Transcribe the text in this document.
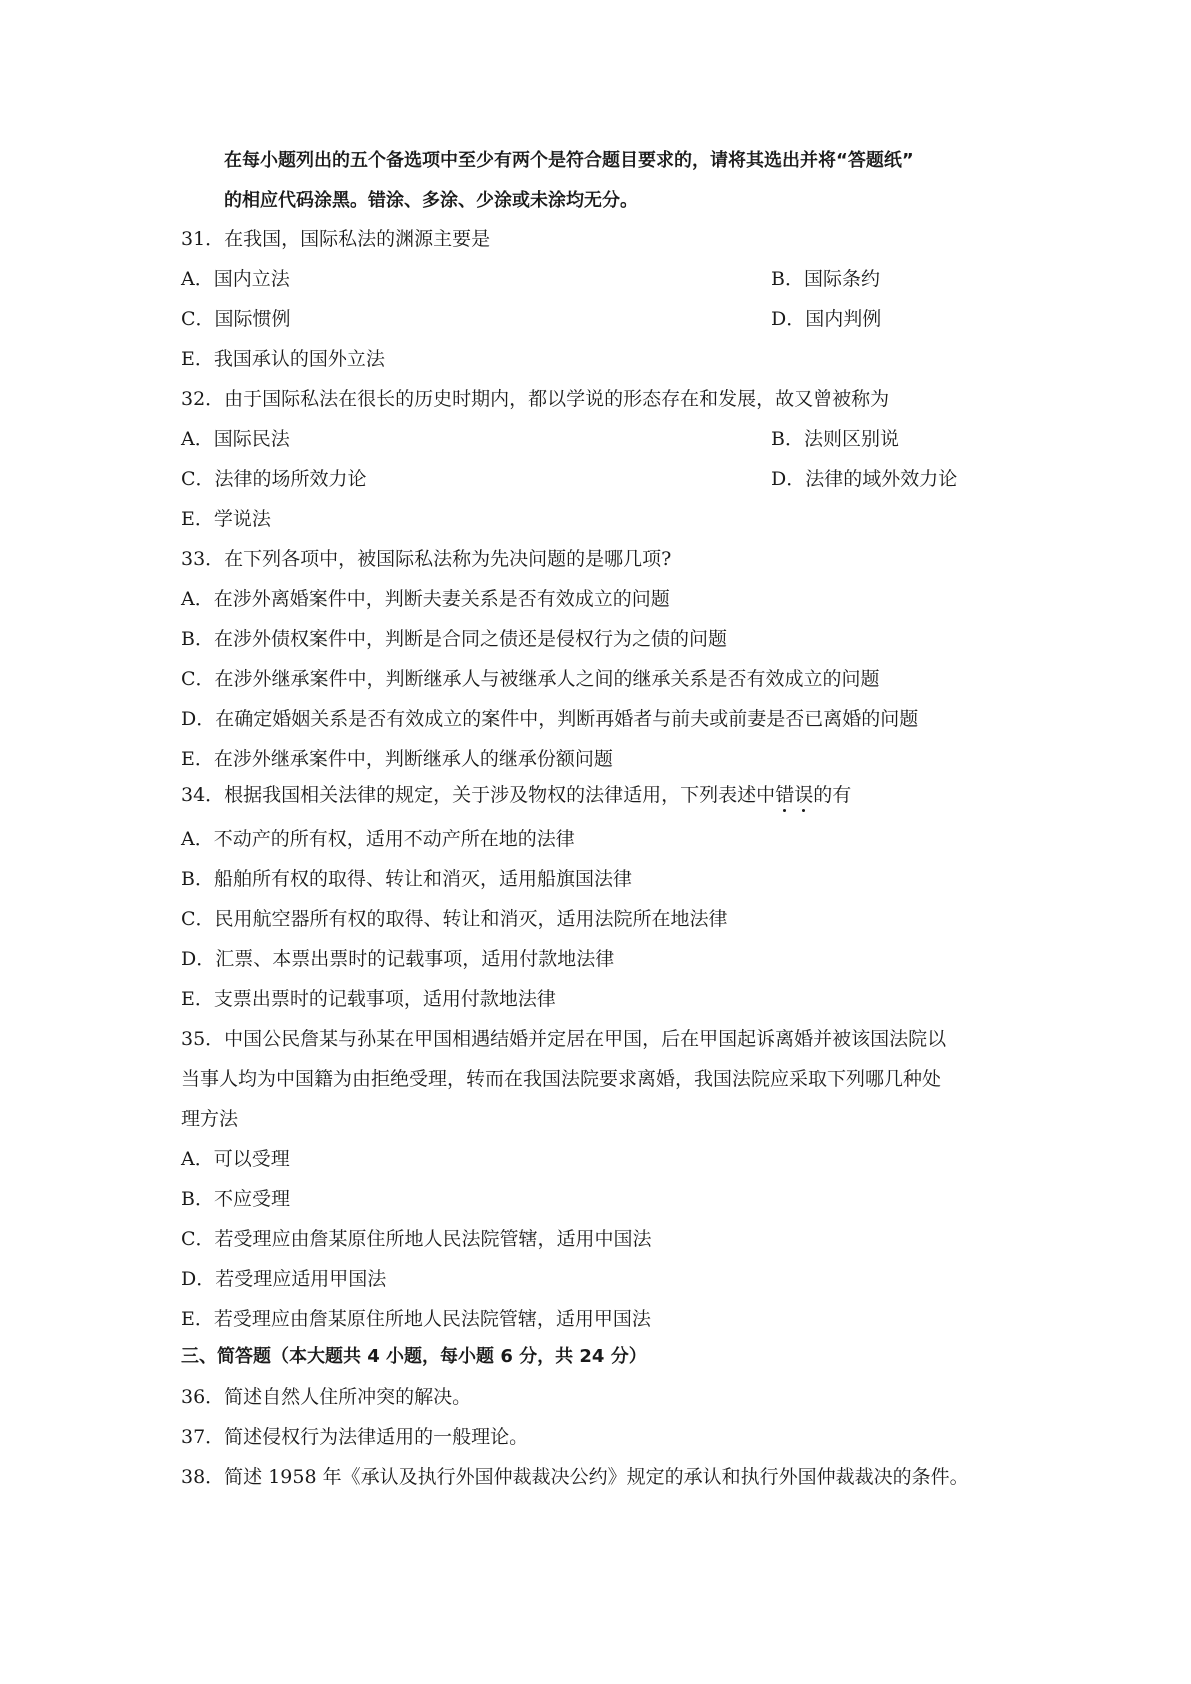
在每小题列出的五个备选项中至少有两个是符合题目要求的，请将其选出并将“答题纸”
的相应代码涂黑。错涂、多涂、少涂或未涂均无分。
31．在我国，国际私法的渊源主要是
A．国内立法	B．国际条约
C．国际惯例	D．国内判例
E．我国承认的国外立法
32．由于国际私法在很长的历史时期内，都以学说的形态存在和发展，故又曾被称为
A．国际民法	B．法则区别说
C．法律的场所效力论	D．法律的域外效力论
E．学说法
33．在下列各项中，被国际私法称为先决问题的是哪几项?
A．在涉外离婚案件中，判断夫妻关系是否有效成立的问题
B．在涉外债权案件中，判断是合同之债还是侵权行为之债的问题
C．在涉外继承案件中，判断继承人与被继承人之间的继承关系是否有效成立的问题
D．在确定婚姻关系是否有效成立的案件中，判断再婚者与前夫或前妻是否已离婚的问题
E．在涉外继承案件中，判断继承人的继承份额问题
34．根据我国相关法律的规定，关于涉及物权的法律适用，下列表述中错误的有
A．不动产的所有权，适用不动产所在地的法律
B．船舶所有权的取得、转让和消灭，适用船旗国法律
C．民用航空器所有权的取得、转让和消灭，适用法院所在地法律
D．汇票、本票出票时的记载事项，适用付款地法律
E．支票出票时的记载事项，适用付款地法律
35．中国公民詹某与孙某在甲国相遇结婚并定居在甲国，后在甲国起诉离婚并被该国法院以
当事人均为中国籍为由拒绝受理，转而在我国法院要求离婚，我国法院应采取下列哪几种处
理方法
A．可以受理
B．不应受理
C．若受理应由詹某原住所地人民法院管辖，适用中国法
D．若受理应适用甲国法
E．若受理应由詹某原住所地人民法院管辖，适用甲国法
三、简答题（本大题共 4 小题，每小题 6 分，共 24 分）
36．简述自然人住所冲突的解决。
37．简述侵权行为法律适用的一般理论。
38．简述 1958 年《承认及执行外国仲裁裁决公约》规定的承认和执行外国仲裁裁决的条件。
